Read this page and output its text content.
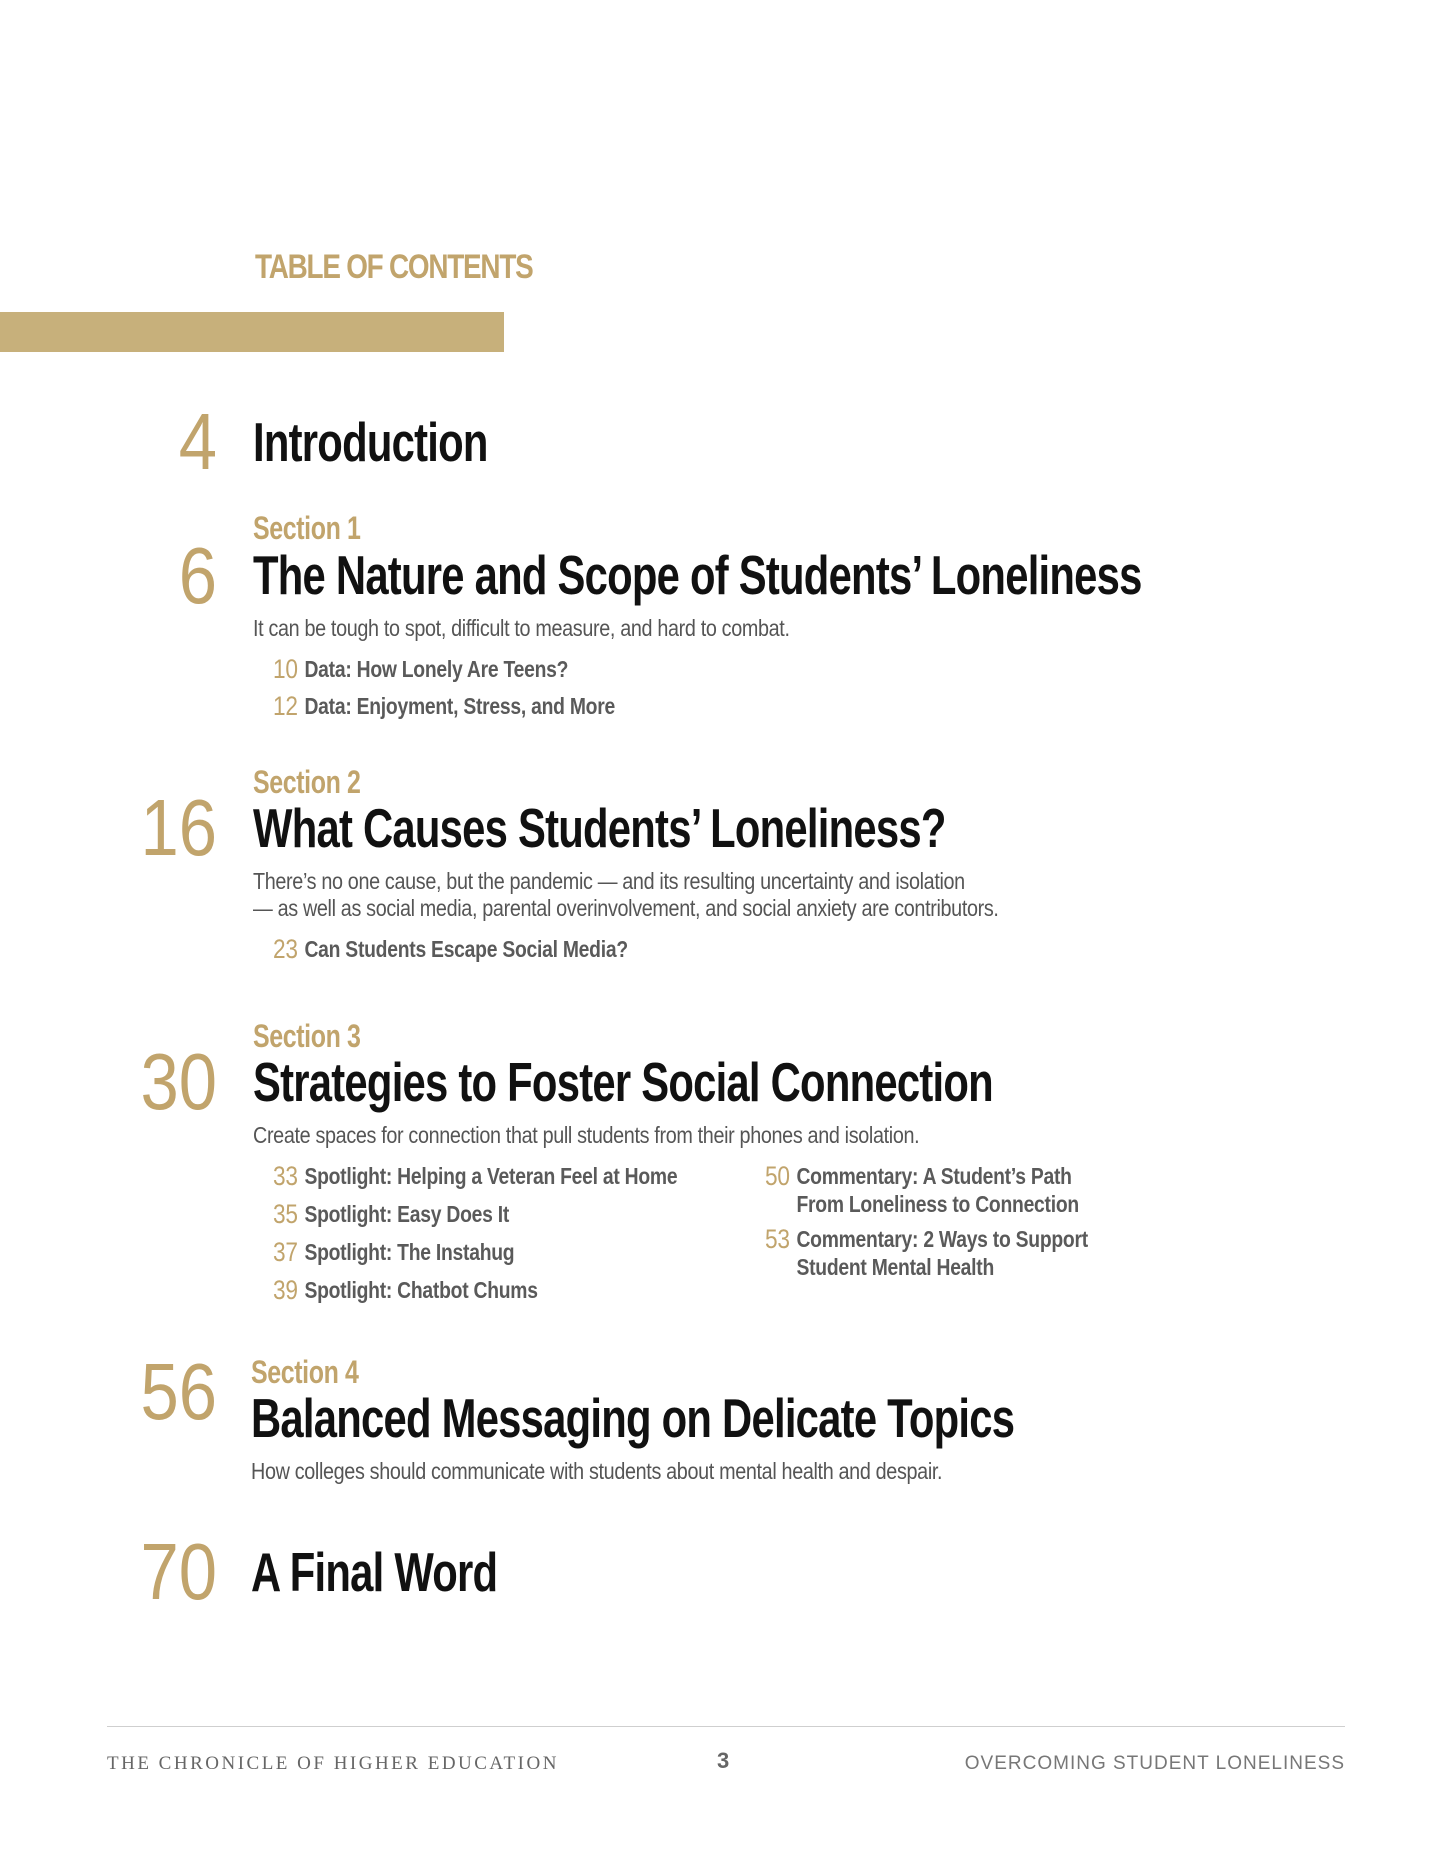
TABLE OF CONTENTS
4 Introduction
Section 1
6 The Nature and Scope of Students’ Loneliness
It can be tough to spot, difficult to measure, and hard to combat.
10 Data: How Lonely Are Teens?
12 Data: Enjoyment, Stress, and More
Section 2
16 What Causes Students’ Loneliness?
There’s no one cause, but the pandemic — and its resulting uncertainty and isolation
— as well as social media, parental overinvolvement, and social anxiety are contributors.
23 Can Students Escape Social Media?
Section 3
30 Strategies to Foster Social Connection
Create spaces for connection that pull students from their phones and isolation.
33 Spotlight: Helping a Veteran Feel at Home
35 Spotlight: Easy Does It
37 Spotlight: The Instahug
39 Spotlight: Chatbot Chums
50 Commentary: A Student’s Path
From Loneliness to Connection
53 Commentary: 2 Ways to Support
Student Mental Health
Section 4
56 Balanced Messaging on Delicate Topics
How colleges should communicate with students about mental health and despair.
70 A Final Word
THE CHRONICLE OF HIGHER EDUCATION	3	OVERCOMING STUDENT LONELINESS
